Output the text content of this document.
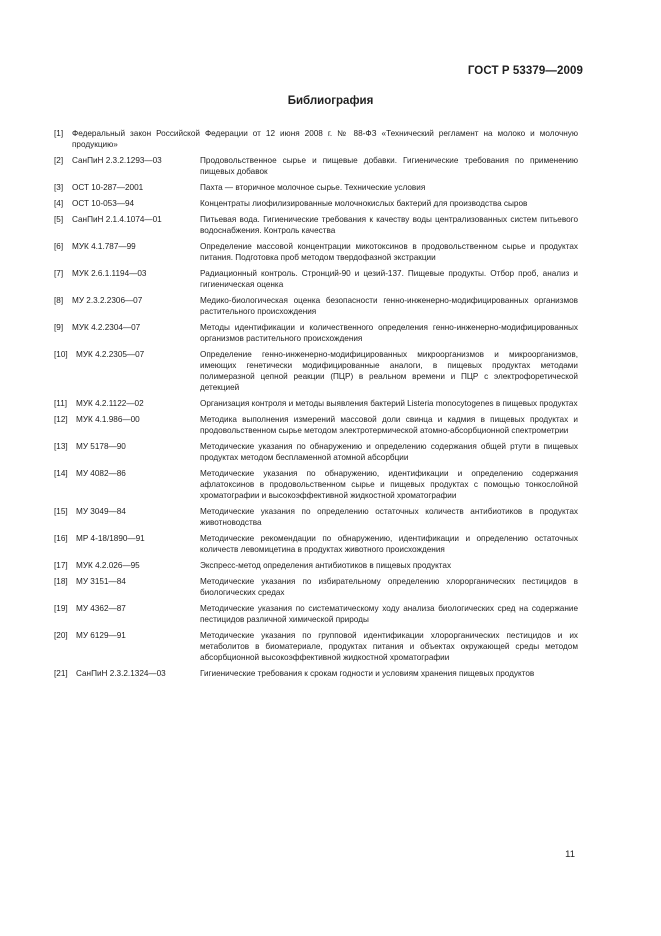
ГОСТ Р 53379—2009
Библиография
[1]	Федеральный закон Российской Федерации от 12 июня 2008 г. № 88-ФЗ «Технический регламент на молоко и молочную продукцию»
[2]	СанПиН 2.3.2.1293—03	Продовольственное сырье и пищевые добавки. Гигиенические требования по применению пищевых добавок
[3]	ОСТ 10-287—2001	Пахта — вторичное молочное сырье. Технические условия
[4]	ОСТ 10-053—94	Концентраты лиофилизированные молочнокислых бактерий для производства сыров
[5]	СанПиН 2.1.4.1074—01	Питьевая вода. Гигиенические требования к качеству воды централизованных систем питьевого водоснабжения. Контроль качества
[6]	МУК 4.1.787—99	Определение массовой концентрации микотоксинов в продовольственном сырье и продуктах питания. Подготовка проб методом твердофазной экстракции
[7]	МУК 2.6.1.1194—03	Радиационный контроль. Стронций-90 и цезий-137. Пищевые продукты. Отбор проб, анализ и гигиеническая оценка
[8]	МУ 2.3.2.2306—07	Медико-биологическая оценка безопасности генно-инженерно-модифицированных организмов растительного происхождения
[9]	МУК 4.2.2304—07	Методы идентификации и количественного определения генно-инженерно-модифицированных организмов растительного происхождения
[10]	МУК 4.2.2305—07	Определение генно-инженерно-модифицированных микроорганизмов и микроорганизмов, имеющих генетически модифицированные аналоги, в пищевых продуктах методами полимеразной цепной реакции (ПЦР) в реальном времени и ПЦР с электрофоретической детекцией
[11]	МУК 4.2.1122—02	Организация контроля и методы выявления бактерий Listeria monocytogenes в пищевых продуктах
[12]	МУК 4.1.986—00	Методика выполнения измерений массовой доли свинца и кадмия в пищевых продуктах и продовольственном сырье методом электротермической атомно-абсорбционной спектрометрии
[13]	МУ 5178—90	Методические указания по обнаружению и определению содержания общей ртути в пищевых продуктах методом беспламенной атомной абсорбции
[14]	МУ 4082—86	Методические указания по обнаружению, идентификации и определению содержания афлатоксинов в продовольственном сырье и пищевых продуктах с помощью тонкослойной хроматографии и высокоэффективной жидкостной хроматографии
[15]	МУ 3049—84	Методические указания по определению остаточных количеств антибиотиков в продуктах животноводства
[16]	МР 4-18/1890—91	Методические рекомендации по обнаружению, идентификации и определению остаточных количеств левомицетина в продуктах животного происхождения
[17]	МУК 4.2.026—95	Экспресс-метод определения антибиотиков в пищевых продуктах
[18]	МУ 3151—84	Методические указания по избирательному определению хлорорганических пестицидов в биологических средах
[19]	МУ 4362—87	Методические указания по систематическому ходу анализа биологических сред на содержание пестицидов различной химической природы
[20]	МУ 6129—91	Методические указания по групповой идентификации хлорорганических пестицидов и их метаболитов в биоматериале, продуктах питания и объектах окружающей среды методом абсорбционной высокоэффективной жидкостной хроматографии
[21]	СанПиН 2.3.2.1324—03	Гигиенические требования к срокам годности и условиям хранения пищевых продуктов
11
